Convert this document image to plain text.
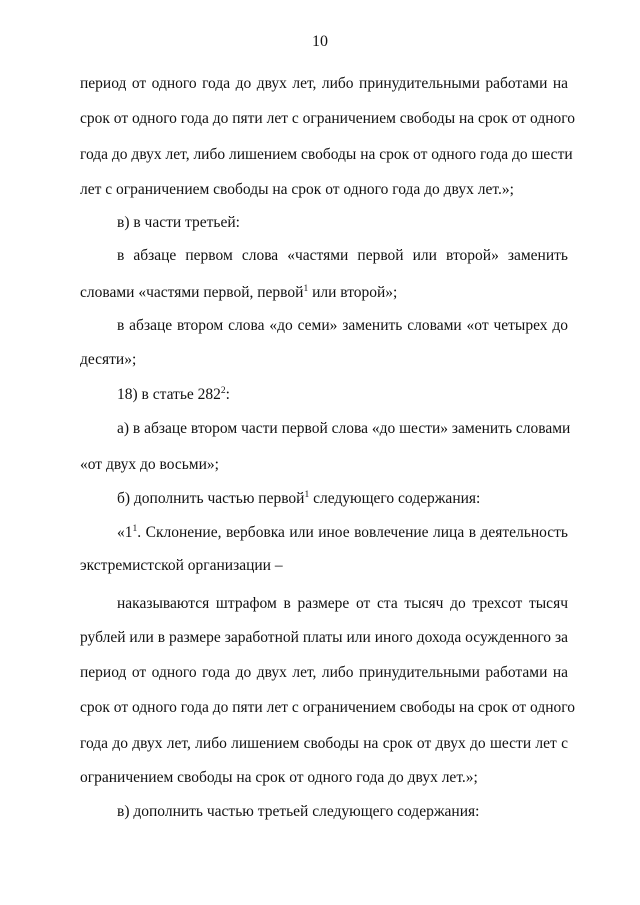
10
период от одного года до двух лет, либо принудительными работами на
срок от одного года до пяти лет с ограничением свободы на срок от одного
года до двух лет, либо лишением свободы на срок от одного года до шести
лет с ограничением свободы на срок от одного года до двух лет.»;
в) в части третьей:
в абзаце первом слова «частями первой или второй» заменить
словами «частями первой, первой$^1$ или второй»;
в абзаце втором слова «до семи» заменить словами «от четырех до
десяти»;
18) в статье $282^2$:
а) в абзаце втором части первой слова «до шести» заменить словами
«от двух до восьми»;
б) дополнить частью первой$^1$ следующего содержания:
«$1^1$. Склонение, вербовка или иное вовлечение лица в деятельность
экстремистской организации –
наказываются штрафом в размере от ста тысяч до трехсот тысяч
рублей или в размере заработной платы или иного дохода осужденного за
период от одного года до двух лет, либо принудительными работами на
срок от одного года до пяти лет с ограничением свободы на срок от одного
года до двух лет, либо лишением свободы на срок от двух до шести лет с
ограничением свободы на срок от одного года до двух лет.»;
в) дополнить частью третьей следующего содержания:
